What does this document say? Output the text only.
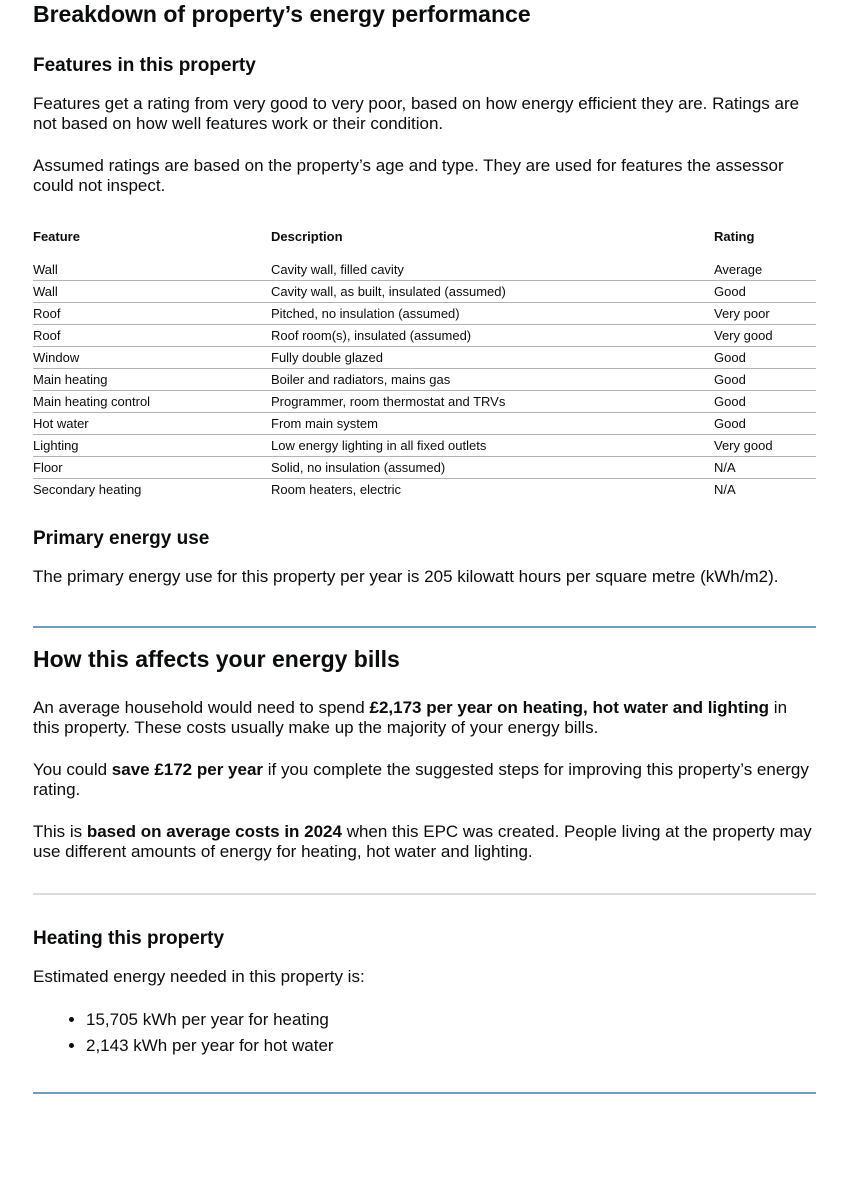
Breakdown of property’s energy performance
Features in this property

Features get a rating from very good to very poor, based on how energy efficient they are. Ratings are not based on how well features work or their condition.

Assumed ratings are based on the property’s age and type. They are used for features the assessor could not inspect.

Feature	Description	Rating
Wall	Cavity wall, filled cavity	Average
Wall	Cavity wall, as built, insulated (assumed)	Good
Roof	Pitched, no insulation (assumed)	Very poor
Roof	Roof room(s), insulated (assumed)	Very good
Window	Fully double glazed	Good
Main heating	Boiler and radiators, mains gas	Good
Main heating control	Programmer, room thermostat and TRVs	Good
Hot water	From main system	Good
Lighting	Low energy lighting in all fixed outlets	Very good
Floor	Solid, no insulation (assumed)	N/A
Secondary heating	Room heaters, electric	N/A
Primary energy use

The primary energy use for this property per year is 205 kilowatt hours per square metre (kWh/m2).

How this affects your energy bills

An average household would need to spend £2,173 per year on heating, hot water and lighting in this property. These costs usually make up the majority of your energy bills.

You could save £172 per year if you complete the suggested steps for improving this property’s energy rating.

This is based on average costs in 2024 when this EPC was created. People living at the property may use different amounts of energy for heating, hot water and lighting.

Heating this property

Estimated energy needed in this property is:

• 15,705 kWh per year for heating
• 2,143 kWh per year for hot water
